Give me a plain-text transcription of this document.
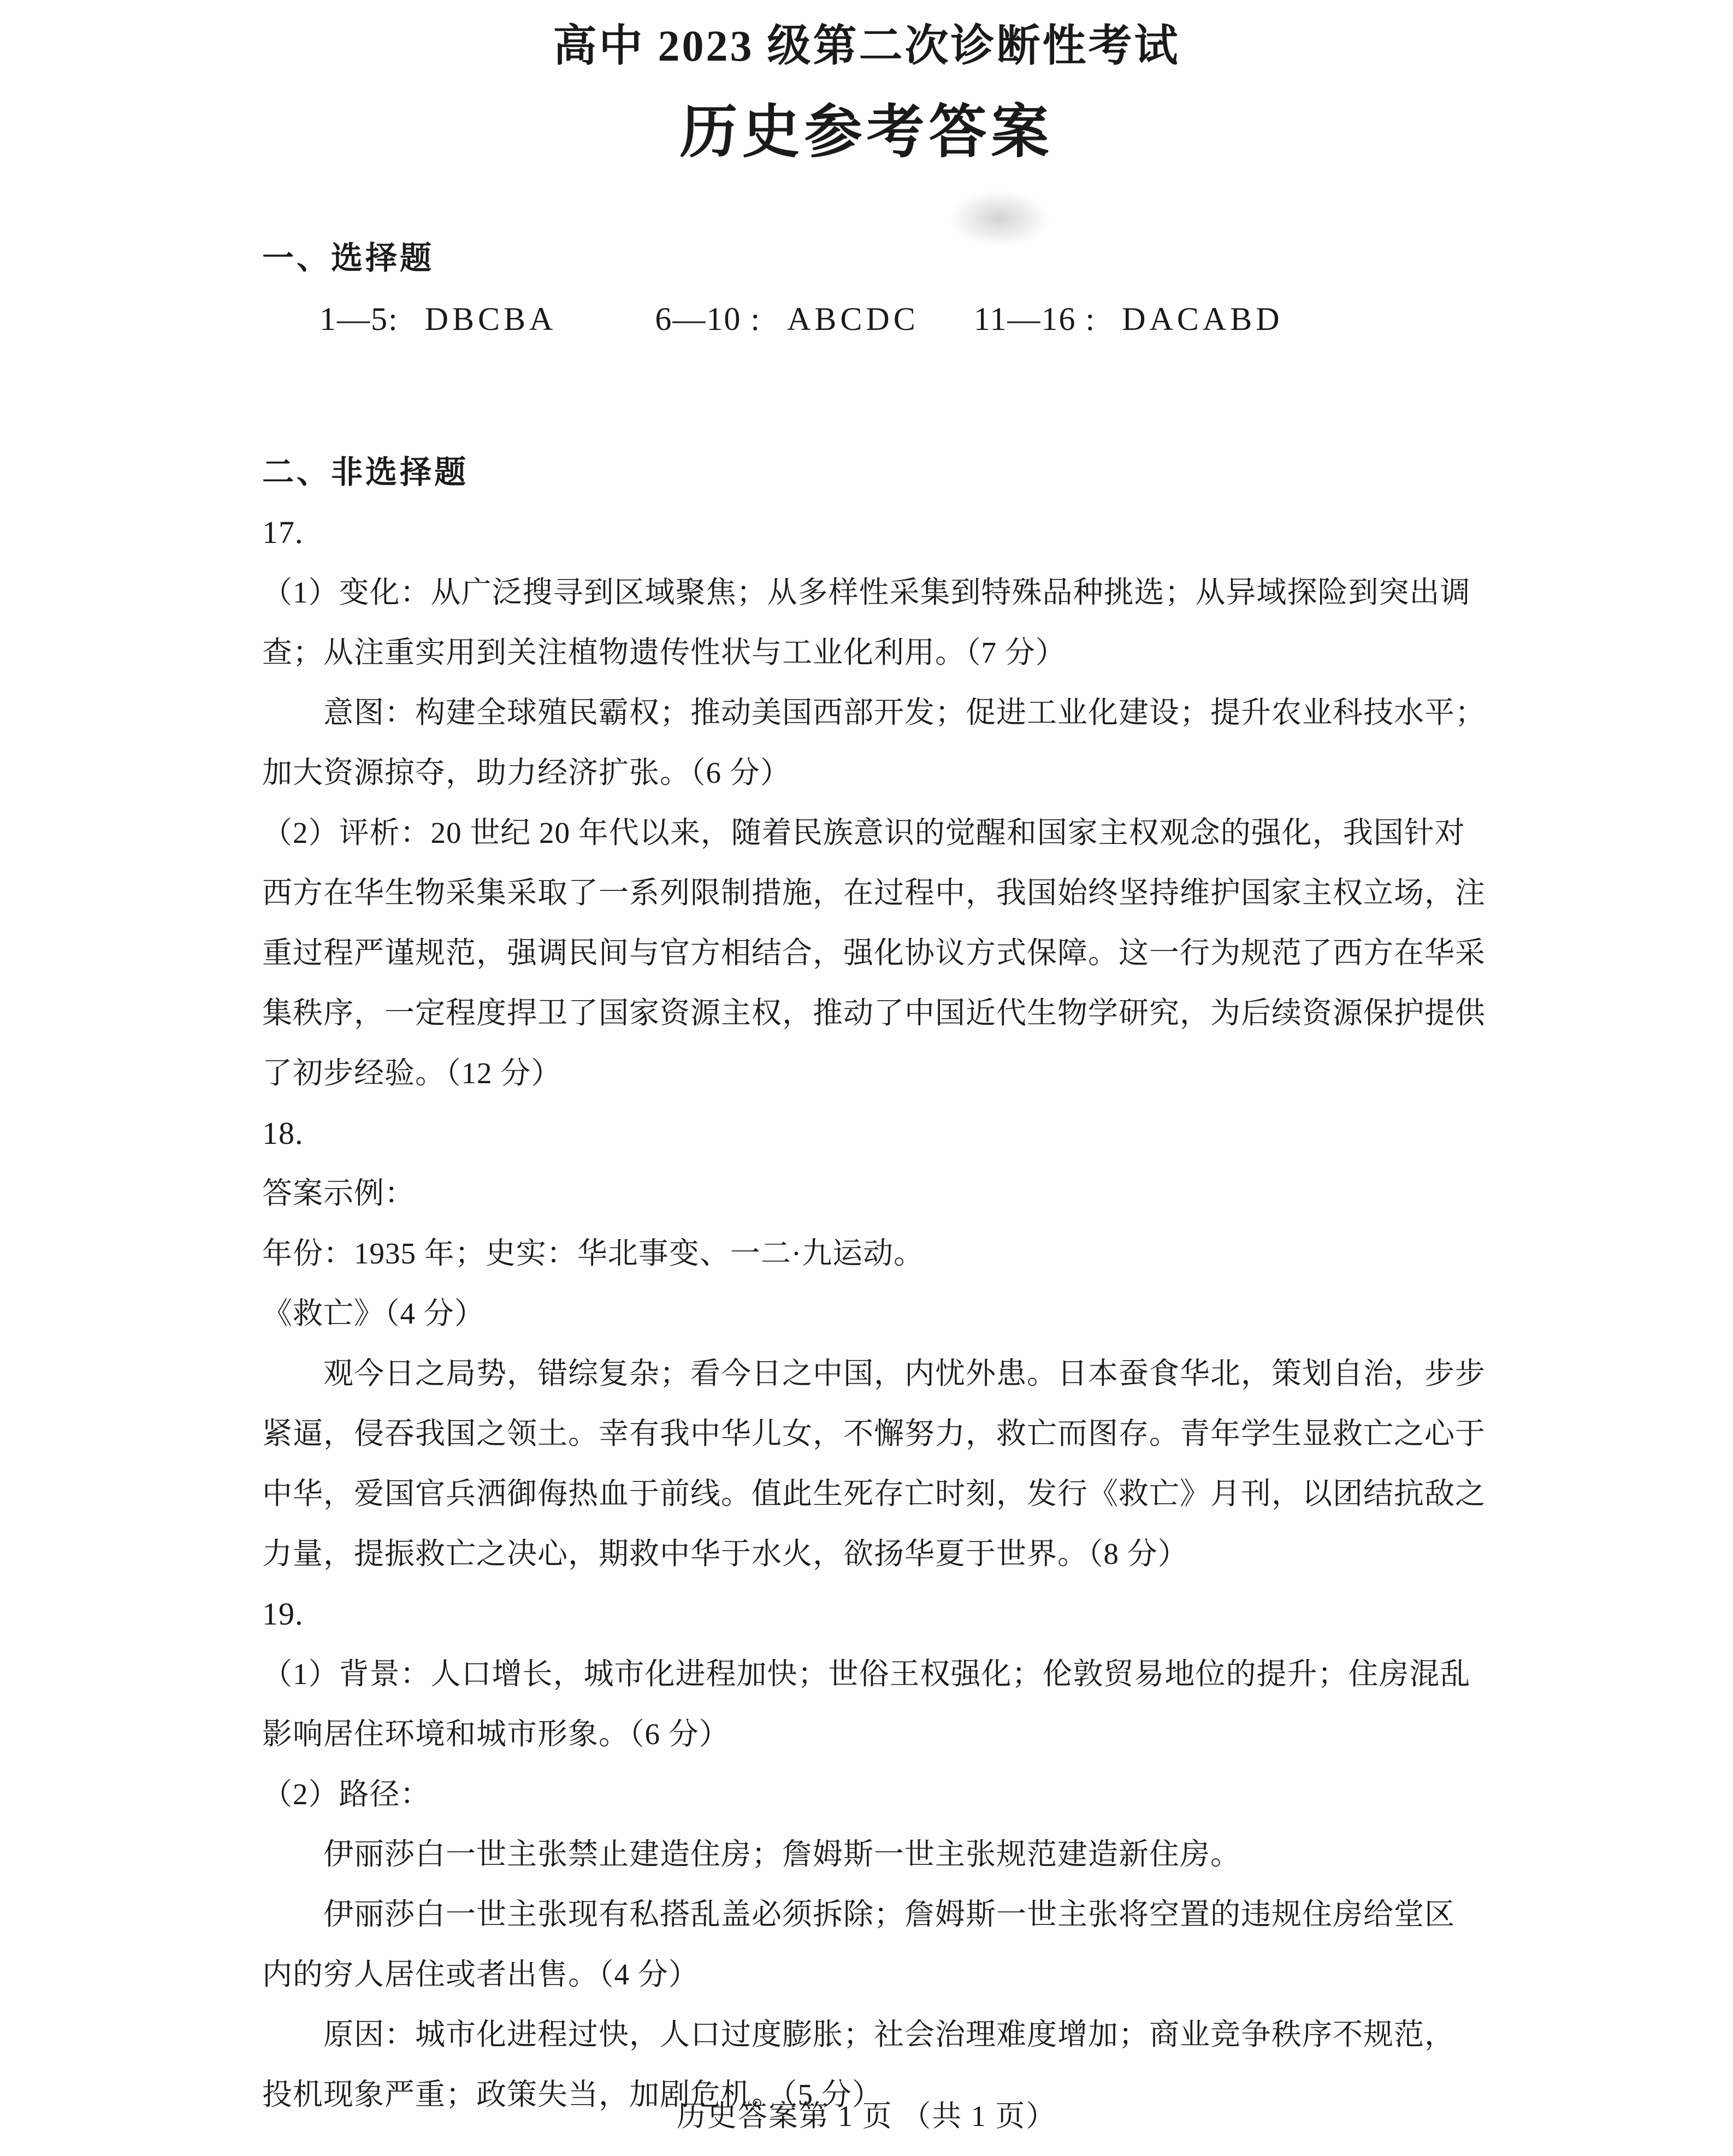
高中 2023 级第二次诊断性考试
历史参考答案
一、选择题
1—5: DBCBA	6—10 : ABCDC 11—16 : DACABD
二、非选择题
17.
（1）变化：从广泛搜寻到区域聚焦；从多样性采集到特殊品种挑选；从异域探险到突出调
查；从注重实用到关注植物遗传性状与工业化利用。（7 分）
意图：构建全球殖民霸权；推动美国西部开发；促进工业化建设；提升农业科技水平；
加大资源掠夺，助力经济扩张。（6 分）
（2）评析：20 世纪 20 年代以来，随着民族意识的觉醒和国家主权观念的强化，我国针对
西方在华生物采集采取了一系列限制措施，在过程中，我国始终坚持维护国家主权立场，注
重过程严谨规范，强调民间与官方相结合，强化协议方式保障。这一行为规范了西方在华采
集秩序，一定程度捍卫了国家资源主权，推动了中国近代生物学研究，为后续资源保护提供
了初步经验。（12 分）
18.
答案示例：
年份：1935 年；史实：华北事变、一二·九运动。
《救亡》（4 分）
观今日之局势，错综复杂；看今日之中国，内忧外患。日本蚕食华北，策划自治，步步
紧逼，侵吞我国之领土。幸有我中华儿女，不懈努力，救亡而图存。青年学生显救亡之心于
中华，爱国官兵洒御侮热血于前线。值此生死存亡时刻，发行《救亡》月刊，以团结抗敌之
力量，提振救亡之决心，期救中华于水火，欲扬华夏于世界。（8 分）
19.
（1）背景：人口增长，城市化进程加快；世俗王权强化；伦敦贸易地位的提升；住房混乱
影响居住环境和城市形象。（6 分）
（2）路径：
伊丽莎白一世主张禁止建造住房；詹姆斯一世主张规范建造新住房。
伊丽莎白一世主张现有私搭乱盖必须拆除；詹姆斯一世主张将空置的违规住房给堂区
内的穷人居住或者出售。（4 分）
原因：城市化进程过快，人口过度膨胀；社会治理难度增加；商业竞争秩序不规范，
投机现象严重；政策失当，加剧危机。（5 分）
历史答案第 1 页 （共 1 页）
